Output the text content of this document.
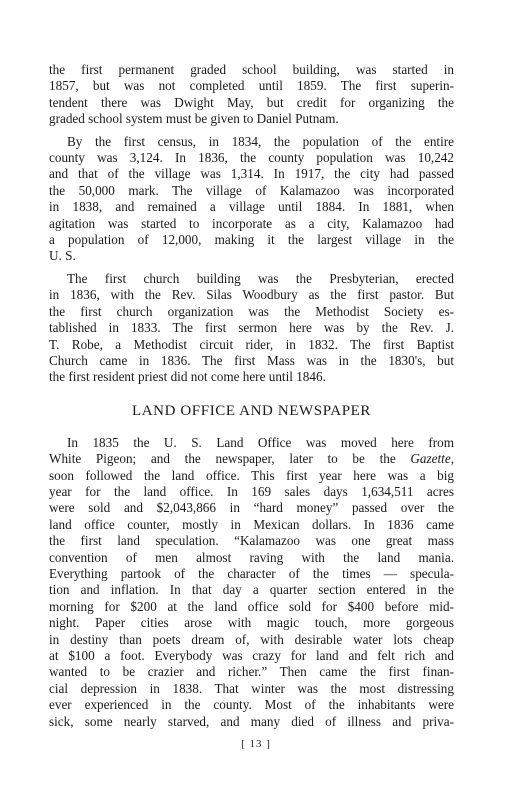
the first permanent graded school building, was started in
1857, but was not completed until 1859. The first superin-
tendent there was Dwight May, but credit for organizing the
graded school system must be given to Daniel Putnam.

By the first census, in 1834, the population of the entire
county was 3,124. In 1836, the county population was 10,242
and that of the village was 1,314. In 1917, the city had passed
the 50,000 mark. The village of Kalamazoo was incorporated
in 1838, and remained a village until 1884. In 1881, when
agitation was started to incorporate as a city, Kalamazoo had
a population of 12,000, making it the largest village in the
U. S.

The first church building was the Presbyterian, erected
in 1836, with the Rev. Silas Woodbury as the first pastor. But
the first church organization was the Methodist Society es-
tablished in 1833. The first sermon here was by the Rev. J.
T. Robe, a Methodist circuit rider, in 1832. The first Baptist
Church came in 1836. The first Mass was in the 1830's, but
the first resident priest did not come here until 1846.

LAND OFFICE AND NEWSPAPER

In 1835 the U. S. Land Office was moved here from
White Pigeon; and the newspaper, later to be the Gazette,
soon followed the land office. This first year here was a big
year for the land office. In 169 sales days 1,634,511 acres
were sold and $2,043,866 in “hard money” passed over the
land office counter, mostly in Mexican dollars. In 1836 came
the first land speculation. “Kalamazoo was one great mass
convention of men almost raving with the land mania.
Everything partook of the character of the times — specula-
tion and inflation. In that day a quarter section entered in the
morning for $200 at the land office sold for $400 before mid-
night. Paper cities arose with magic touch, more gorgeous
in destiny than poets dream of, with desirable water lots cheap
at $100 a foot. Everybody was crazy for land and felt rich and
wanted to be crazier and richer.” Then came the first finan-
cial depression in 1838. That winter was the most distressing
ever experienced in the county. Most of the inhabitants were
sick, some nearly starved, and many died of illness and priva-

[ 13 ]
